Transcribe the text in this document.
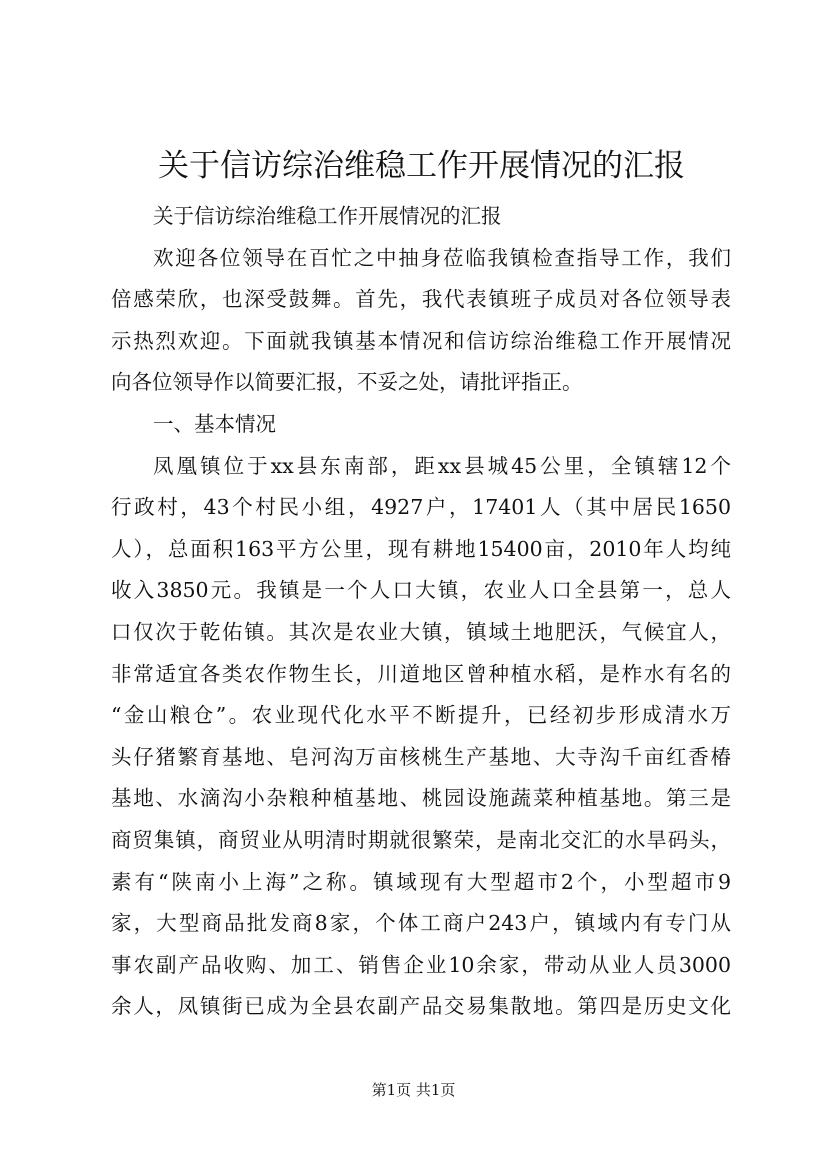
关于信访综治维稳工作开展情况的汇报
关于信访综治维稳工作开展情况的汇报
欢迎各位领导在百忙之中抽身莅临我镇检查指导工作，我们
倍感荣欣，也深受鼓舞。首先，我代表镇班子成员对各位领导表
示热烈欢迎。下面就我镇基本情况和信访综治维稳工作开展情况
向各位领导作以简要汇报，不妥之处，请批评指正。
一、基本情况
凤凰镇位于xx县东南部，距xx县城45公里，全镇辖12个
行政村，43个村民小组，4927户，17401人（其中居民1650
人），总面积163平方公里，现有耕地15400亩，2010年人均纯
收入3850元。我镇是一个人口大镇，农业人口全县第一，总人
口仅次于乾佑镇。其次是农业大镇，镇域土地肥沃，气候宜人，
非常适宜各类农作物生长，川道地区曾种植水稻，是柞水有名的
“金山粮仓”。农业现代化水平不断提升，已经初步形成清水万
头仔猪繁育基地、皂河沟万亩核桃生产基地、大寺沟千亩红香椿
基地、水滴沟小杂粮种植基地、桃园设施蔬菜种植基地。第三是
商贸集镇，商贸业从明清时期就很繁荣，是南北交汇的水旱码头，
素有“陕南小上海”之称。镇域现有大型超市2个，小型超市9
家，大型商品批发商8家，个体工商户243户，镇域内有专门从
事农副产品收购、加工、销售企业10余家，带动从业人员3000
余人，凤镇街已成为全县农副产品交易集散地。第四是历史文化
第1页 共1页
